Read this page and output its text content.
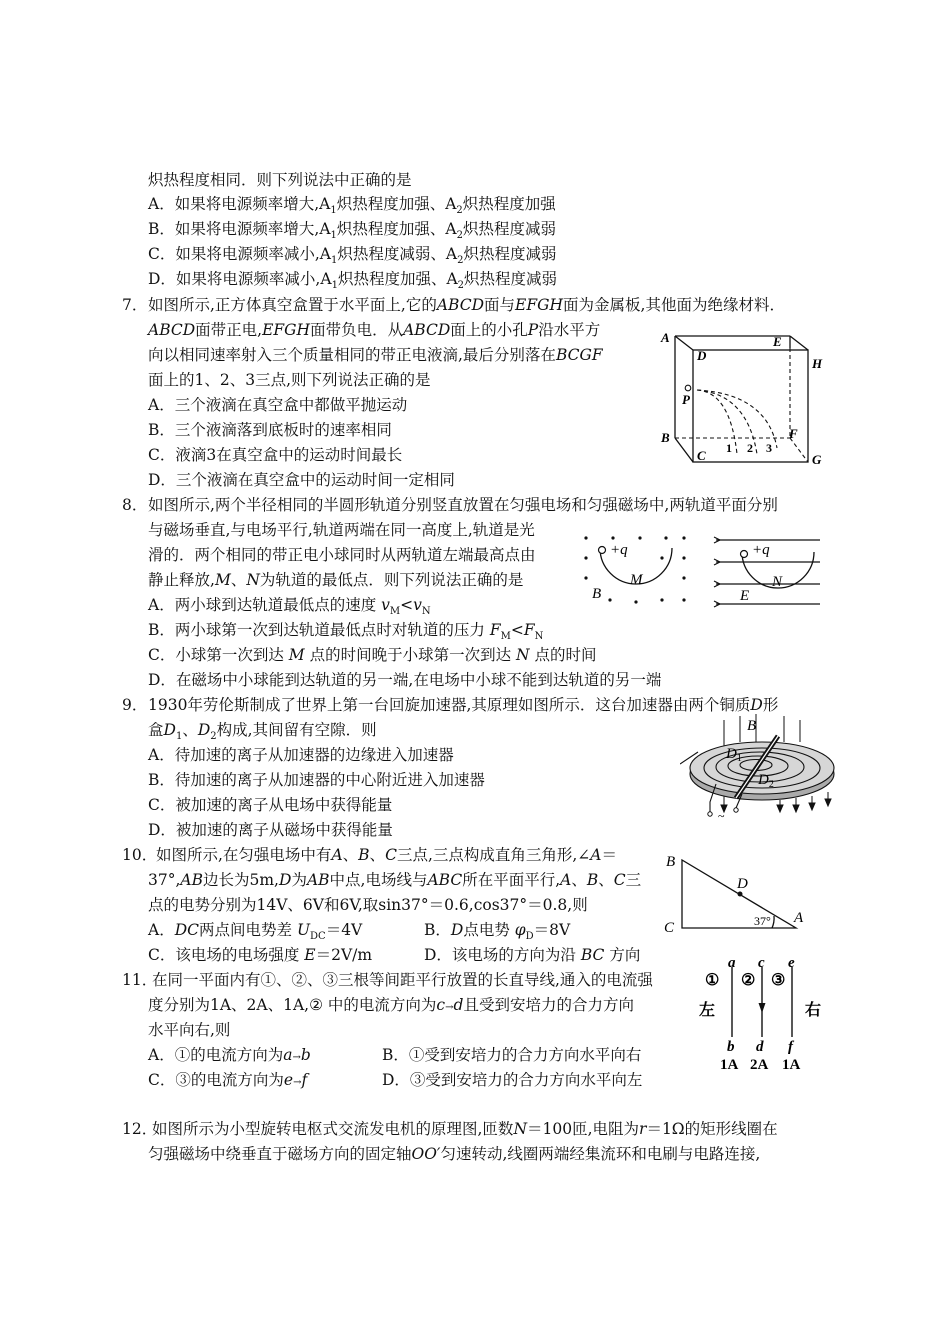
炽热程度相同．则下列说法中正确的是
A．如果将电源频率增大$,A_1$炽热程度加强、$A_2$炽热程度加强
B．如果将电源频率增大$,A_1$炽热程度加强、$A_2$炽热程度减弱
C．如果将电源频率减小$,A_1$炽热程度减弱、$A_2$炽热程度减弱
D．如果将电源频率减小$,A_1$炽热程度加强、$A_2$炽热程度减弱
7． 如图所示,正方体真空盒置于水平面上,它的ABCD面与EFGH面为金属板,其他面为绝缘材料．
ABCD面带正电,EFGH面带负电．从ABCD面上的小孔P沿水平方
向以相同速率射入三个质量相同的带正电液滴,最后分别落在BCGF
面上的1、2、3三点,则下列说法正确的是
A．三个液滴在真空盒中都做平抛运动
B．三个液滴落到底板时的速率相同
C．液滴3在真空盒中的运动时间最长
D．三个液滴在真空盒中的运动时间一定相同
A
D
E
H
P
B
C
F
G
1 2 3
8． 如图所示,两个半径相同的半圆形轨道分别竖直放置在匀强电场和匀强磁场中,两轨道平面分别
与磁场垂直,与电场平行,轨道两端在同一高度上,轨道是光
滑的．两个相同的带正电小球同时从两轨道左端最高点由
静止释放,M、N为轨道的最低点．则下列说法正确的是
A．两小球到达轨道最低点的速度 $v_M<v_N$
B．两小球第一次到达轨道最低点时对轨道的压力 $F_M<F_N$
C．小球第一次到达 M 点的时间晚于小球第一次到达 N 点的时间
D．在磁场中小球能到达轨道的另一端,在电场中小球不能到达轨道的另一端
+q
M
B
+q
N
E
9． 1930年劳伦斯制成了世界上第一台回旋加速器,其原理如图所示．这台加速器由两个铜质D形
盒$D_1$、$D_2$构成,其间留有空隙．则
A．待加速的离子从加速器的边缘进入加速器
B．待加速的离子从加速器的中心附近进入加速器
C．被加速的离子从电场中获得能量
D．被加速的离子从磁场中获得能量
B
$D_1$
$D_2$
~
10．
如图所示,在匀强电场中有A、B、C三点,三点构成直角三角形,∠A＝
37°,AB边长为5m,D为AB中点,电场线与ABC所在平面平行,A、B、C三
点的电势分别为14V、6V和6V,取sin37°＝0.6,cos37°＝0.8,则
A．DC两点间电势差 $U_{DC}=4V$	B．D点电势 $\varphi_D=8V$
C．该电场的电场强度 E＝2V/m	D．该电场的方向为沿 BC 方向
B
D
C
A
37°
11．
在同一平面内有①、②、③三根等间距平行放置的长直导线,通入的电流强
度分别为1A、2A、1A,② 中的电流方向为c→d且受到安培力的合力方向
水平向右,则
A．①的电流方向为a→b	B．①受到安培力的合力方向水平向右
C．③的电流方向为e→f	D．③受到安培力的合力方向水平向左
a c e
b d f
① ② ③
左	右
1A 2A 1A
12．
如图所示为小型旋转电枢式交流发电机的原理图,匝数N＝100匝,电阻为r＝1Ω的矩形线圈在
匀强磁场中绕垂直于磁场方向的固定轴OO′匀速转动,线圈两端经集流环和电刷与电路连接,
